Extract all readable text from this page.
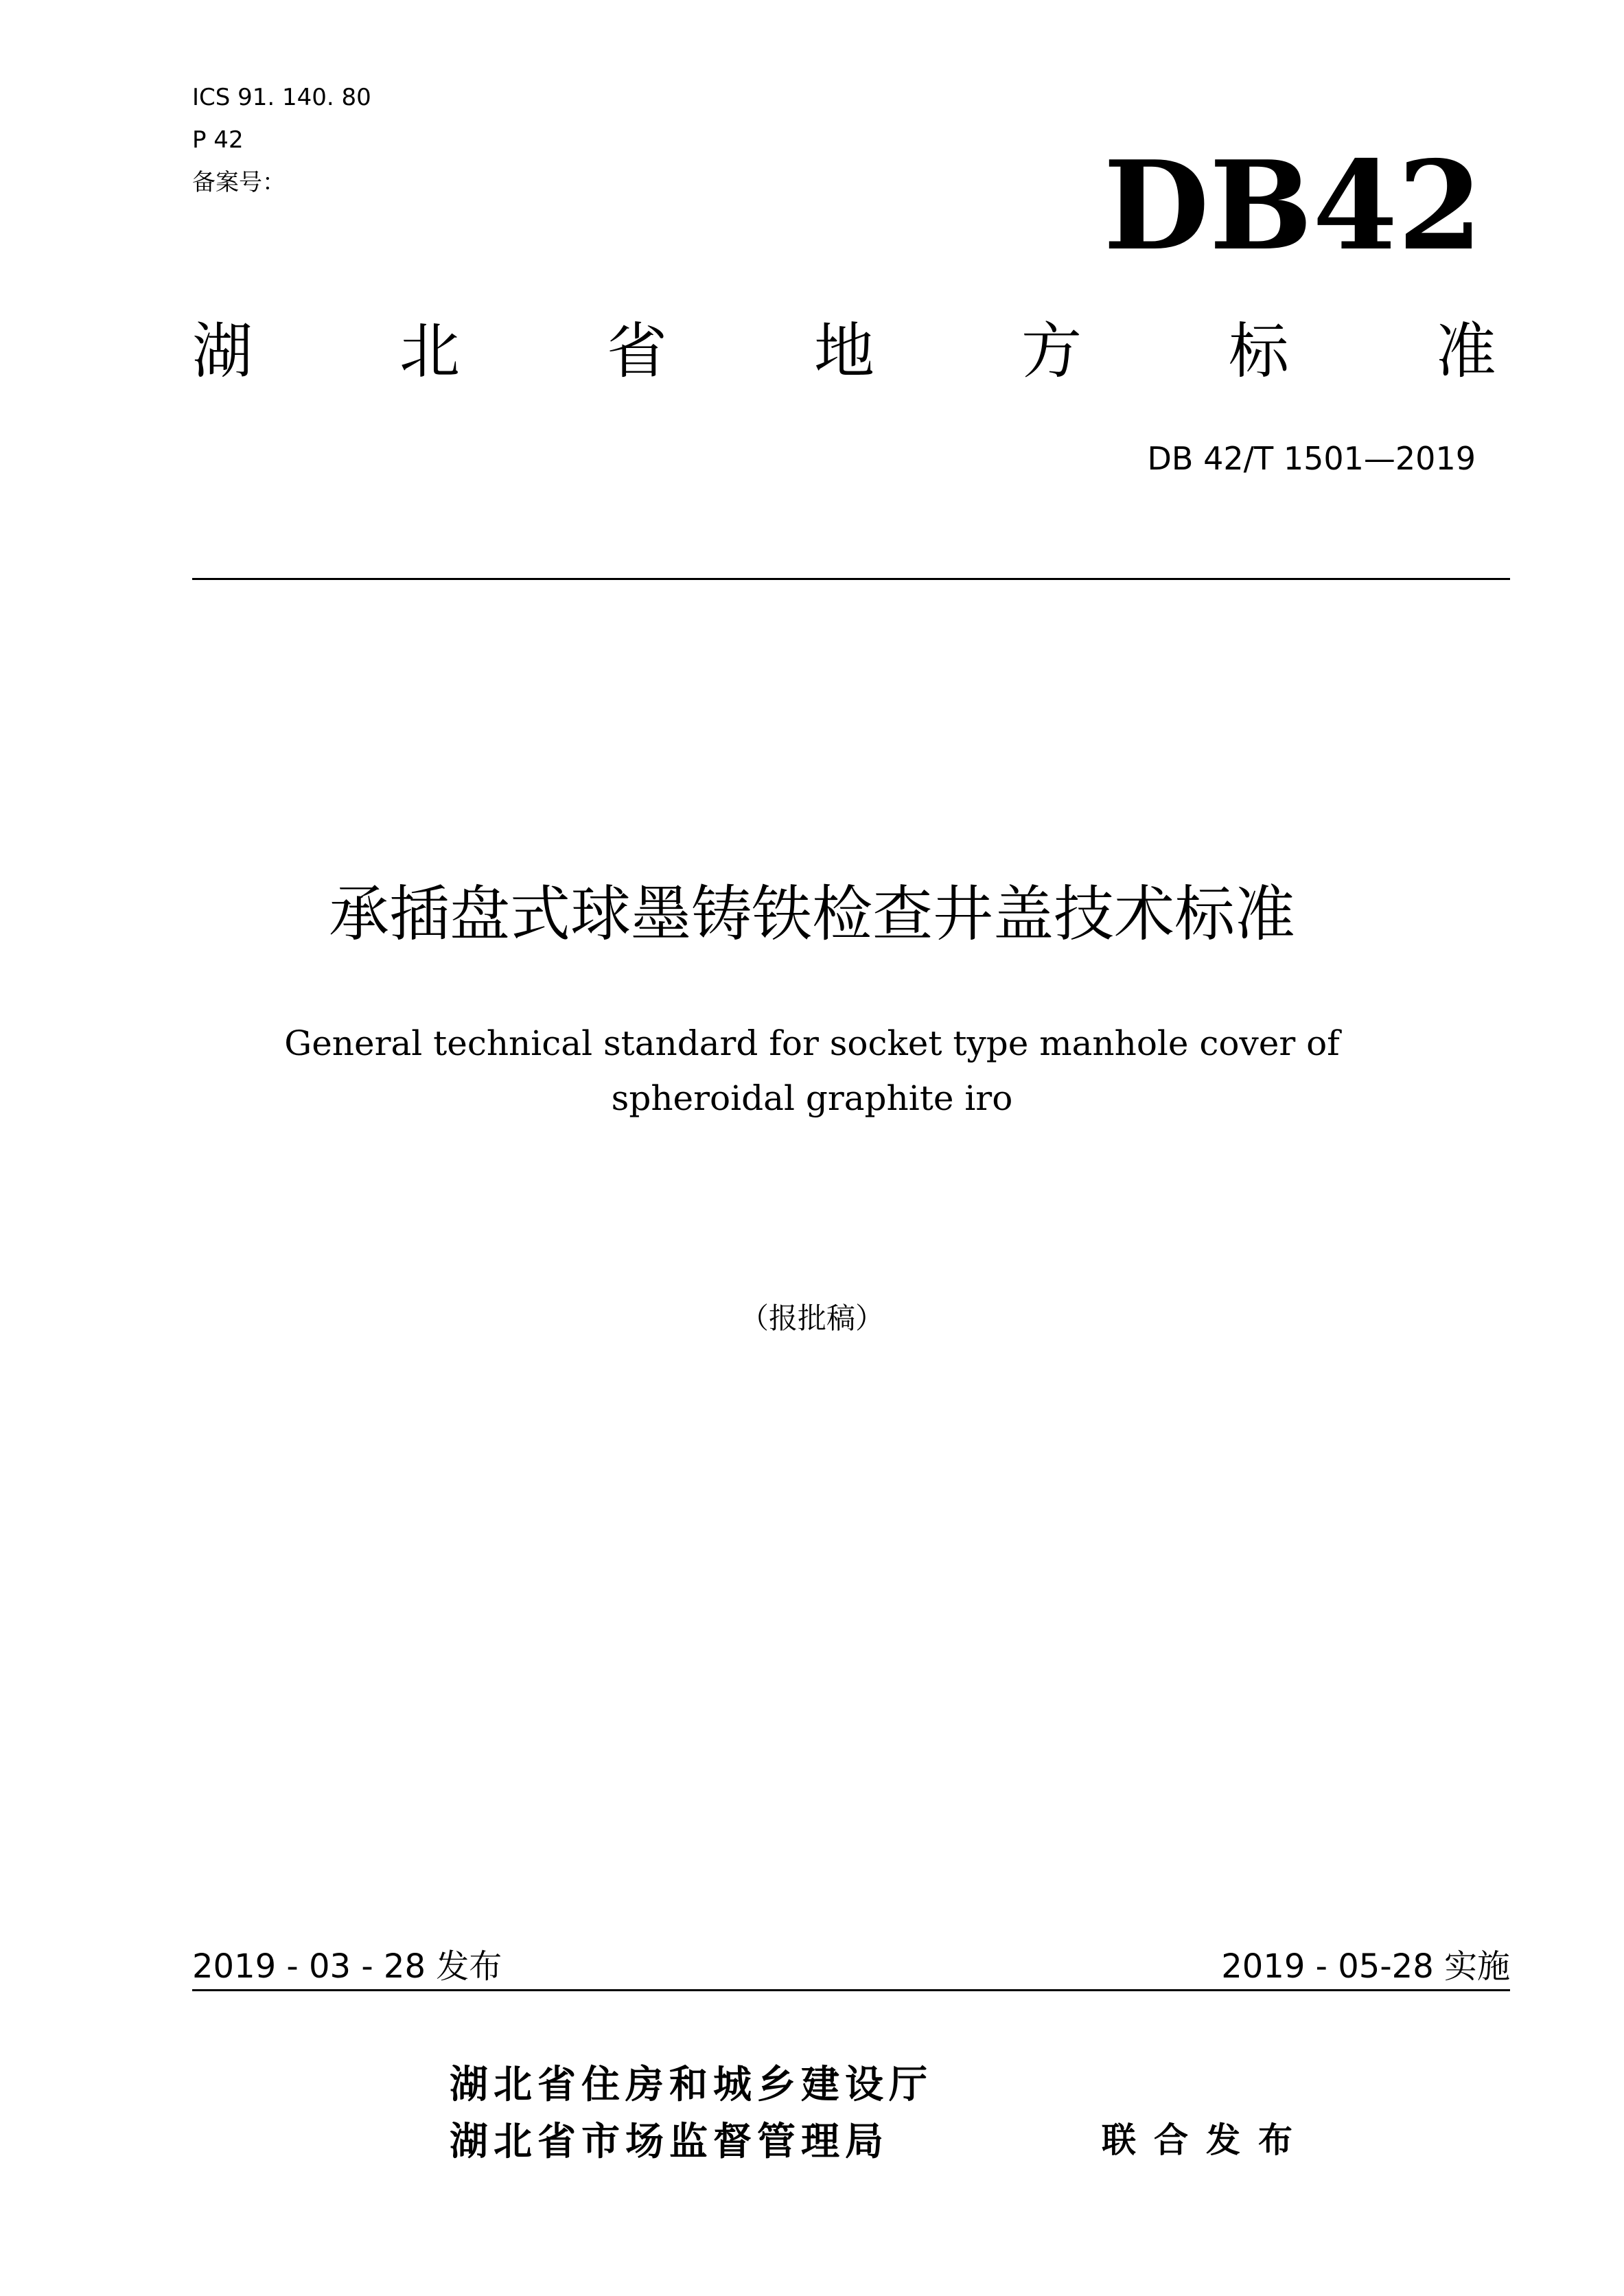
ICS 91. 140. 80
P 42
备案号：	DB42
湖 北 省 地 方 标 准
DB 42/T 1501—2019
承插盘式球墨铸铁检查井盖技术标准
General technical standard for socket type manhole cover of
spheroidal graphite iro
（报批稿）
2019 - 03 - 28 发布	2019 - 05-28 实施
湖北省住房和城乡建设厅
湖北省市场监督管理局	联合发布
